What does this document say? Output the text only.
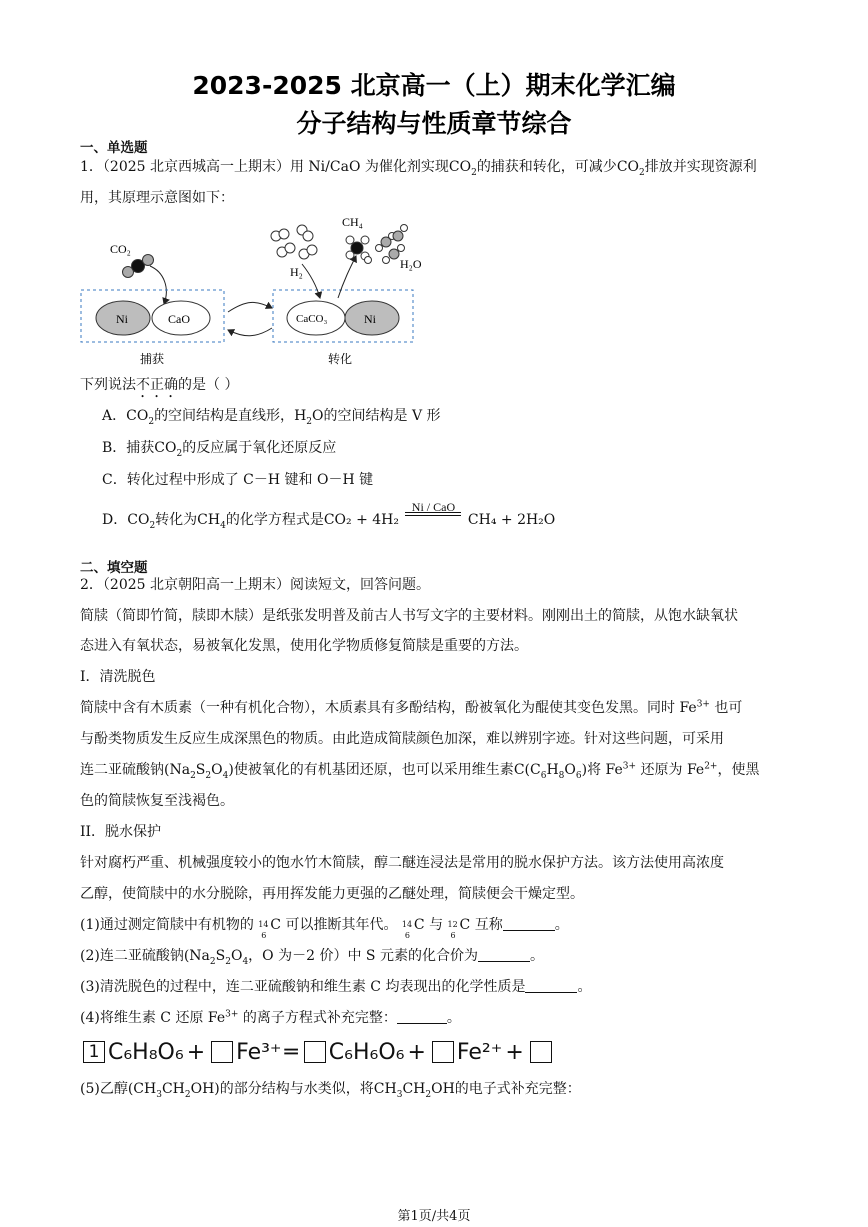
2023-2025 北京高一（上）期末化学汇编
分子结构与性质章节综合
一、单选题
1．（2025 北京西城高一上期末）用 Ni/CaO 为催化剂实现$CO_2$的捕获和转化，可减少$CO_2$排放并实现资源利
用，其原理示意图如下：
CO₂
Ni	CaO
捕获
CaCO₃	Ni
转化
H₂
CH₄
H₂O
下列说法不正确的是（ ）
A．$CO_2$的空间结构是直线形，$H_2O$的空间结构是 V 形
B．捕获$CO_2$的反应属于氧化还原反应
C．转化过程中形成了 C－H 键和 O－H 键
D．$CO_2$转化为$CH_4$的化学方程式是CO₂ + 4H₂
Ni / CaO
CH₄ + 2H₂O
二、填空题
2．（2025 北京朝阳高一上期末）阅读短文，回答问题。
简牍（简即竹简，牍即木牍）是纸张发明普及前古人书写文字的主要材料。刚刚出土的简牍，从饱水缺氧状
态进入有氧状态，易被氧化发黑，使用化学物质修复简牍是重要的方法。
I．清洗脱色
简牍中含有木质素（一种有机化合物），木质素具有多酚结构，酚被氧化为醌使其变色发黑。同时 $Fe^{3+}$ 也可
与酚类物质发生反应生成深黑色的物质。由此造成简牍颜色加深，难以辨别字迹。针对这些问题，可采用
连二亚硫酸钠$(Na_2S_2O_4)$使被氧化的有机基团还原，也可以采用维生素$C(C_6H_8O_6)$将 $Fe^{3+}$ 还原为 $Fe^{2+}$，使黑
色的简牍恢复至浅褐色。
II．脱水保护
针对腐朽严重、机械强度较小的饱水竹木简牍，醇二醚连浸法是常用的脱水保护方法。该方法使用高浓度
乙醇，使简牍中的水分脱除，再用挥发能力更强的乙醚处理，简牍便会干燥定型。
(1)通过测定简牍中有机物的 14
6
C 可以推断其年代。 14
6
C 与 12
6
C 互称	。
(2)连二亚硫酸钠($Na_2S_2O_4$，O 为－2 价）中 S 元素的化合价为	。
(3)清洗脱色的过程中，连二亚硫酸钠和维生素 C 均表现出的化学性质是	。
(4)将维生素 C 还原 $Fe^{3+}$ 的离子方程式补充完整：	。
1 C₆H₈O₆ + Fe³⁺ ═ C₆H₆O₆ + Fe²⁺ +
(5)乙醇$(CH_3CH_2OH)$的部分结构与水类似，将$CH_3CH_2OH$的电子式补充完整：
第1页/共4页
